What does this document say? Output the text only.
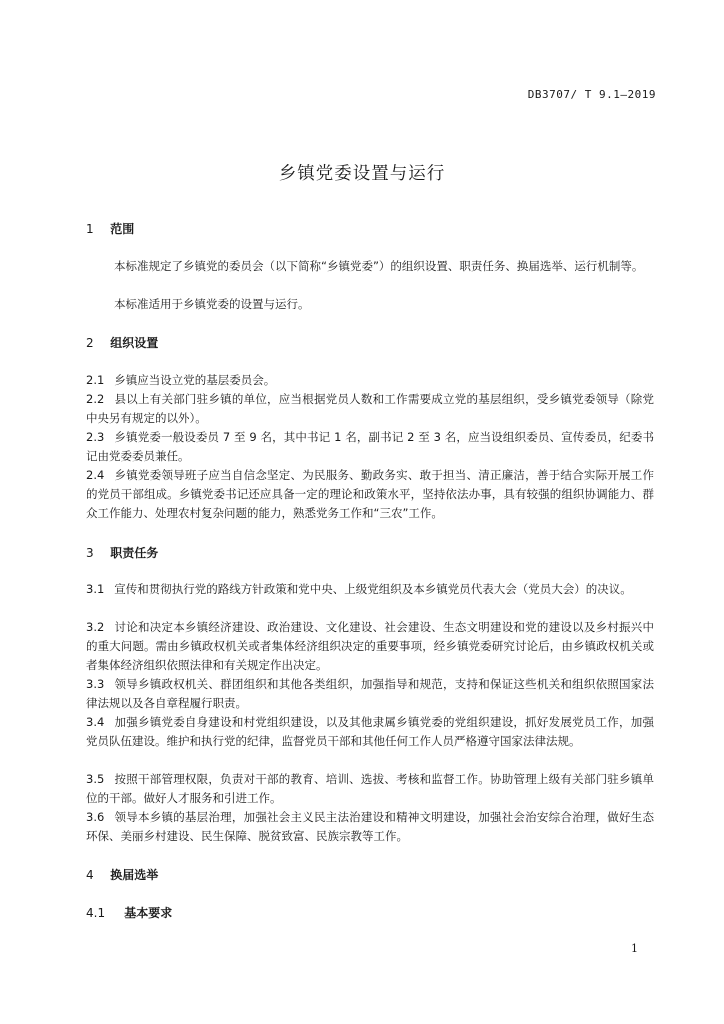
DB3707/ T 9.1—2019
乡镇党委设置与运行
1 范围
本标准规定了乡镇党的委员会（以下简称“乡镇党委”）的组织设置、职责任务、换届选举、运行机制等。
本标准适用于乡镇党委的设置与运行。
2 组织设置
2.1 乡镇应当设立党的基层委员会。
2.2 县以上有关部门驻乡镇的单位，应当根据党员人数和工作需要成立党的基层组织，受乡镇党委领导（除党中央另有规定的以外）。
2.3 乡镇党委一般设委员 7 至 9 名，其中书记 1 名，副书记 2 至 3 名，应当设组织委员、宣传委员，纪委书记由党委委员兼任。
2.4 乡镇党委领导班子应当自信念坚定、为民服务、勤政务实、敢于担当、清正廉洁，善于结合实际开展工作的党员干部组成。乡镇党委书记还应具备一定的理论和政策水平，坚持依法办事，具有较强的组织协调能力、群众工作能力、处理农村复杂问题的能力，熟悉党务工作和“三农”工作。
3 职责任务
3.1 宣传和贯彻执行党的路线方针政策和党中央、上级党组织及本乡镇党员代表大会（党员大会）的决议。
3.2 讨论和决定本乡镇经济建设、政治建设、文化建设、社会建设、生态文明建设和党的建设以及乡村振兴中的重大问题。需由乡镇政权机关或者集体经济组织决定的重要事项，经乡镇党委研究讨论后，由乡镇政权机关或者集体经济组织依照法律和有关规定作出决定。
3.3 领导乡镇政权机关、群团组织和其他各类组织，加强指导和规范，支持和保证这些机关和组织依照国家法律法规以及各自章程履行职责。
3.4 加强乡镇党委自身建设和村党组织建设，以及其他隶属乡镇党委的党组织建设，抓好发展党员工作，加强党员队伍建设。维护和执行党的纪律，监督党员干部和其他任何工作人员严格遵守国家法律法规。
3.5 按照干部管理权限，负责对干部的教育、培训、选拔、考核和监督工作。协助管理上级有关部门驻乡镇单位的干部。做好人才服务和引进工作。
3.6 领导本乡镇的基层治理，加强社会主义民主法治建设和精神文明建设，加强社会治安综合治理，做好生态环保、美丽乡村建设、民生保障、脱贫致富、民族宗教等工作。
4 换届选举
4.1 基本要求
1
